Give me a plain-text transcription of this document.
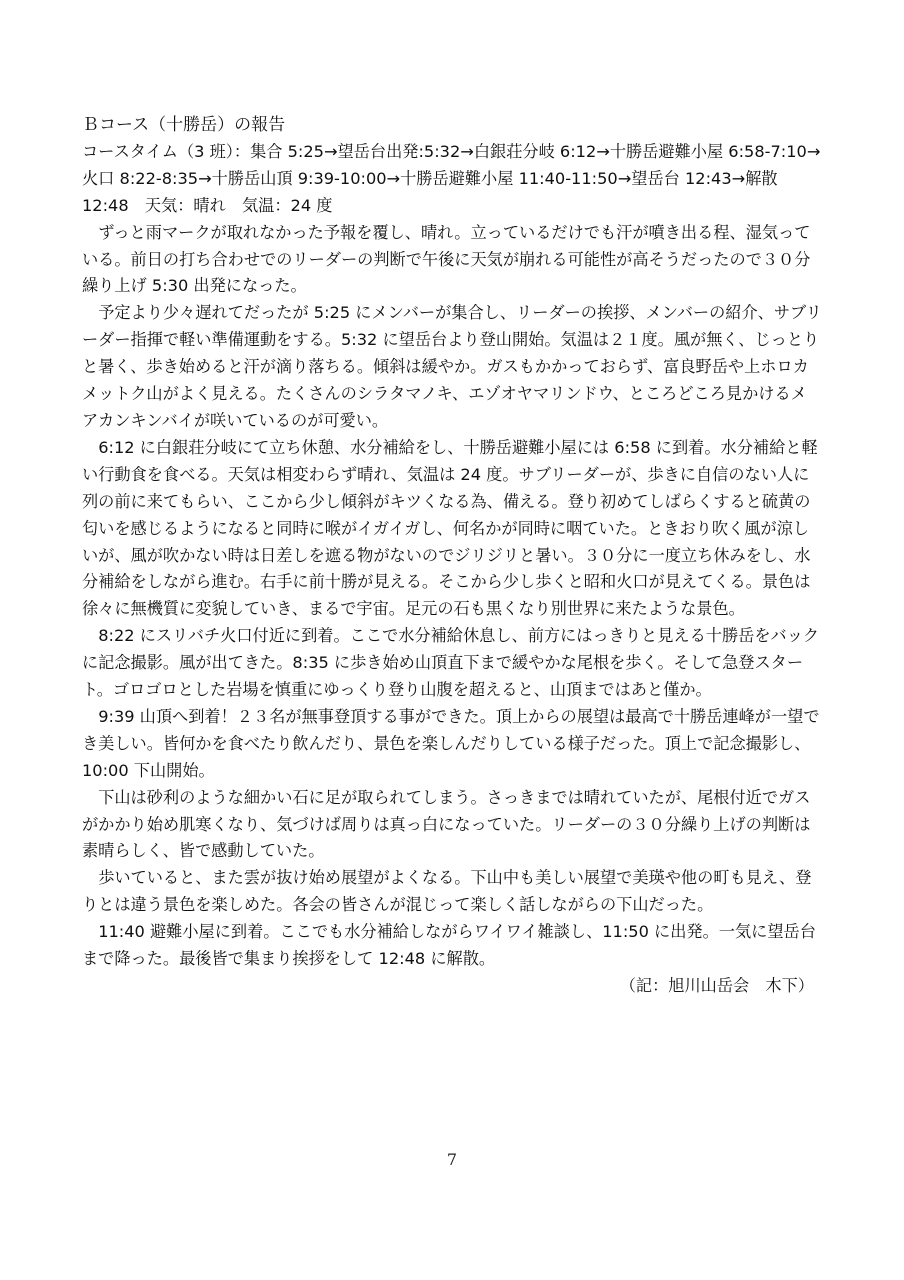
Ｂコース（十勝岳）の報告

コースタイム（3 班）：集合 5:25→望岳台出発:5:32→白銀荘分岐 6:12→十勝岳避難小屋 6:58-7:10→火口 8:22-8:35→十勝岳山頂 9:39-10:00→十勝岳避難小屋 11:40-11:50→望岳台 12:43→解散 12:48　天気：晴れ　気温：24 度

ずっと雨マークが取れなかった予報を覆し、晴れ。立っているだけでも汗が噴き出る程、湿気っている。前日の打ち合わせでのリーダーの判断で午後に天気が崩れる可能性が高そうだったので３０分繰り上げ 5:30 出発になった。

予定より少々遅れてだったが 5:25 にメンバーが集合し、リーダーの挨拶、メンバーの紹介、サブリーダー指揮で軽い準備運動をする。5:32 に望岳台より登山開始。気温は２１度。風が無く、じっとりと暑く、歩き始めると汗が滴り落ちる。傾斜は緩やか。ガスもかかっておらず、富良野岳や上ホロカメットク山がよく見える。たくさんのシラタマノキ、エゾオヤマリンドウ、ところどころ見かけるメアカンキンバイが咲いているのが可愛い。

6:12 に白銀荘分岐にて立ち休憩、水分補給をし、十勝岳避難小屋には 6:58 に到着。水分補給と軽い行動食を食べる。天気は相変わらず晴れ、気温は 24 度。サブリーダーが、歩きに自信のない人に列の前に来てもらい、ここから少し傾斜がキツくなる為、備える。登り初めてしばらくすると硫黄の匂いを感じるようになると同時に喉がイガイガし、何名かが同時に咽ていた。ときおり吹く風が涼しいが、風が吹かない時は日差しを遮る物がないのでジリジリと暑い。３０分に一度立ち休みをし、水分補給をしながら進む。右手に前十勝が見える。そこから少し歩くと昭和火口が見えてくる。景色は徐々に無機質に変貌していき、まるで宇宙。足元の石も黒くなり別世界に来たような景色。

8:22 にスリバチ火口付近に到着。ここで水分補給休息し、前方にはっきりと見える十勝岳をバックに記念撮影。風が出てきた。8:35 に歩き始め山頂直下まで緩やかな尾根を歩く。そして急登スタート。ゴロゴロとした岩場を慎重にゆっくり登り山腹を超えると、山頂まではあと僅か。

9:39 山頂へ到着！２３名が無事登頂する事ができた。頂上からの展望は最高で十勝岳連峰が一望でき美しい。皆何かを食べたり飲んだり、景色を楽しんだりしている様子だった。頂上で記念撮影し、10:00 下山開始。

下山は砂利のような細かい石に足が取られてしまう。さっきまでは晴れていたが、尾根付近でガスがかかり始め肌寒くなり、気づけば周りは真っ白になっていた。リーダーの３０分繰り上げの判断は素晴らしく、皆で感動していた。

歩いていると、また雲が抜け始め展望がよくなる。下山中も美しい展望で美瑛や他の町も見え、登りとは違う景色を楽しめた。各会の皆さんが混じって楽しく話しながらの下山だった。

11:40 避難小屋に到着。ここでも水分補給しながらワイワイ雑談し、11:50 に出発。一気に望岳台まで降った。最後皆で集まり挨拶をして 12:48 に解散。

（記：旭川山岳会　木下）

7
